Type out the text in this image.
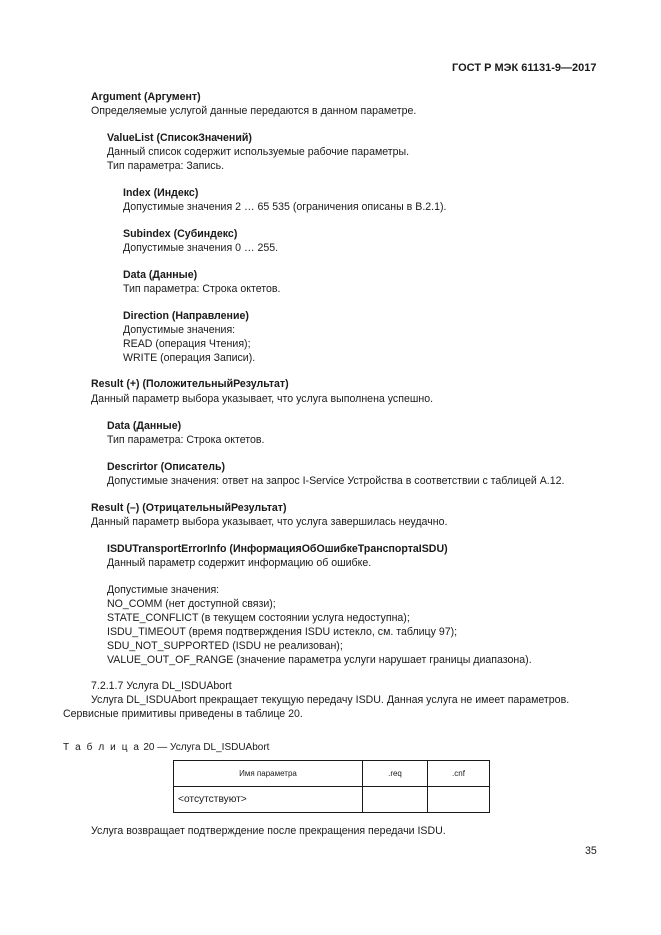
ГОСТ Р МЭК 61131-9—2017
Argument (Аргумент)
Определяемые услугой данные передаются в данном параметре.
ValueList (СписокЗначений)
Данный список содержит используемые рабочие параметры.
Тип параметра: Запись.
Index (Индекс)
Допустимые значения 2 … 65 535 (ограничения описаны в B.2.1).
Subindex (Субиндекс)
Допустимые значения 0 … 255.
Data (Данные)
Тип параметра: Строка октетов.
Direction (Направление)
Допустимые значения:
READ (операция Чтения);
WRITE (операция Записи).
Result (+) (ПоложительныйРезультат)
Данный параметр выбора указывает, что услуга выполнена успешно.
Data (Данные)
Тип параметра: Строка октетов.
Descrirtor (Описатель)
Допустимые значения: ответ на запрос I-Service Устройства в соответствии с таблицей А.12.
Result (–) (ОтрицательныйРезультат)
Данный параметр выбора указывает, что услуга завершилась неудачно.
ISDUTransportErrorInfo (ИнформацияОбОшибкеТранспортаISDU)
Данный параметр содержит информацию об ошибке.
Допустимые значения:
NO_COMM (нет доступной связи);
STATE_CONFLICT (в текущем состоянии услуга недоступна);
ISDU_TIMEOUT (время подтверждения ISDU истекло, см. таблицу 97);
SDU_NOT_SUPPORTED (ISDU не реализован);
VALUE_OUT_OF_RANGE (значение параметра услуги нарушает границы диапазона).
7.2.1.7 Услуга DL_ISDUAbort
Услуга DL_ISDUAbort прекращает текущую передачу ISDU. Данная услуга не имеет параметров.
Сервисные примитивы приведены в таблице 20.
Т а б л и ц а 20 — Услуга DL_ISDUAbort
Имя параметра	.req	.cnf
<отсутствуют>		
Услуга возвращает подтверждение после прекращения передачи ISDU.
35
